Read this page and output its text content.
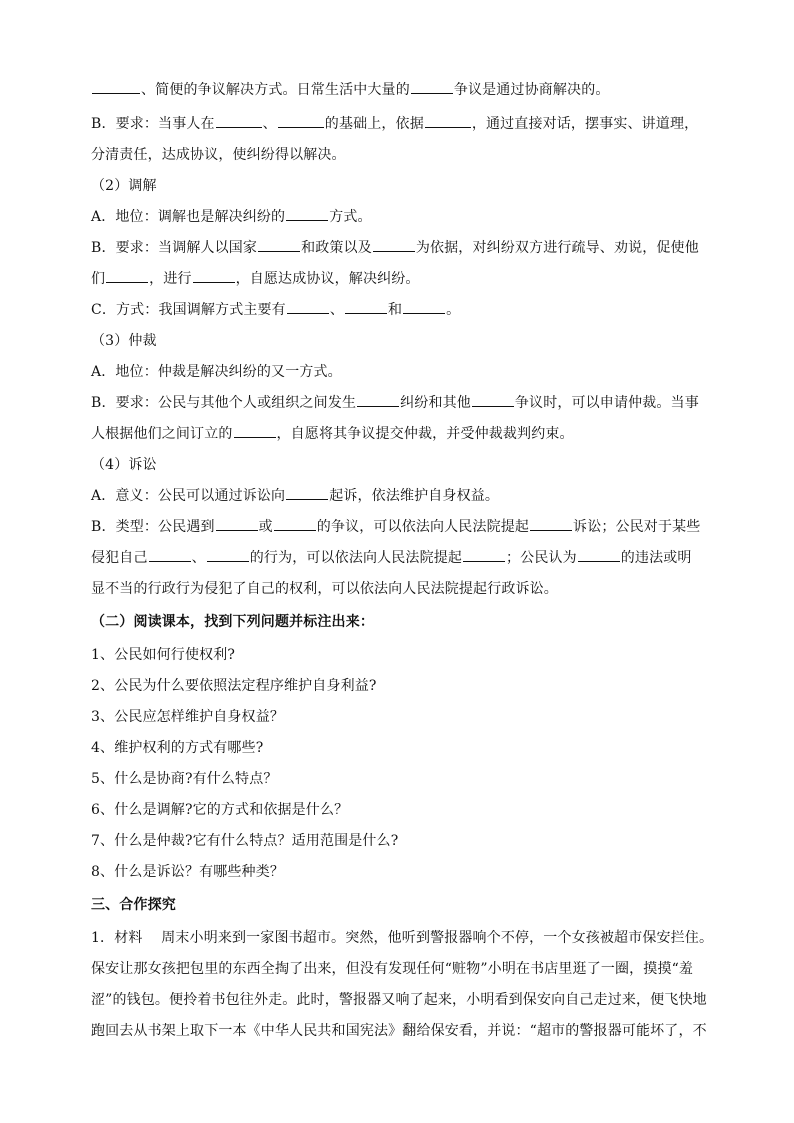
、简便的争议解决方式。日常生活中大量的	争议是通过协商解决的。
B．要求：当事人在	、	的基础上，依据	，通过直接对话，摆事实、讲道理，
分清责任，达成协议，使纠纷得以解决。
（2）调解
A．地位：调解也是解决纠纷的	方式。
B．要求：当调解人以国家	和政策以及	为依据，对纠纷双方进行疏导、劝说，促使他
们	，进行	，自愿达成协议，解决纠纷。
C．方式：我国调解方式主要有	、	和	。
（3）仲裁
A．地位：仲裁是解决纠纷的又一方式。
B．要求：公民与其他个人或组织之间发生	纠纷和其他	争议时，可以申请仲裁。当事
人根据他们之间订立的	，自愿将其争议提交仲裁，并受仲裁裁判约束。
（4）诉讼
A．意义：公民可以通过诉讼向	起诉，依法维护自身权益。
B．类型：公民遇到	或	的争议，可以依法向人民法院提起	诉讼；公民对于某些
侵犯自己	、	的行为，可以依法向人民法院提起	；公民认为	的违法或明
显不当的行政行为侵犯了自己的权利，可以依法向人民法院提起行政诉讼。
（二）阅读课本，找到下列问题并标注出来：
1、公民如何行使权利?
2、公民为什么要依照法定程序维护自身利益?
3、公民应怎样维护自身权益？
4、维护权利的方式有哪些?
5、什么是协商?有什么特点？
6、什么是调解?它的方式和依据是什么？
7、什么是仲裁?它有什么特点？适用范围是什么?
8、什么是诉讼？有哪些种类？
三、合作探究
1．材料　 周末小明来到一家图书超市。突然，他听到警报器响个不停，一个女孩被超市保安拦住。
保安让那女孩把包里的东西全掏了出来，但没有发现任何“赃物”小明在书店里逛了一圈，摸摸“羞
涩”的钱包。便拎着书包往外走。此时，警报器又响了起来，小明看到保安向自己走过来，便飞快地
跑回去从书架上取下一本《中华人民共和国宪法》翻给保安看，并说：“超市的警报器可能坏了，不
